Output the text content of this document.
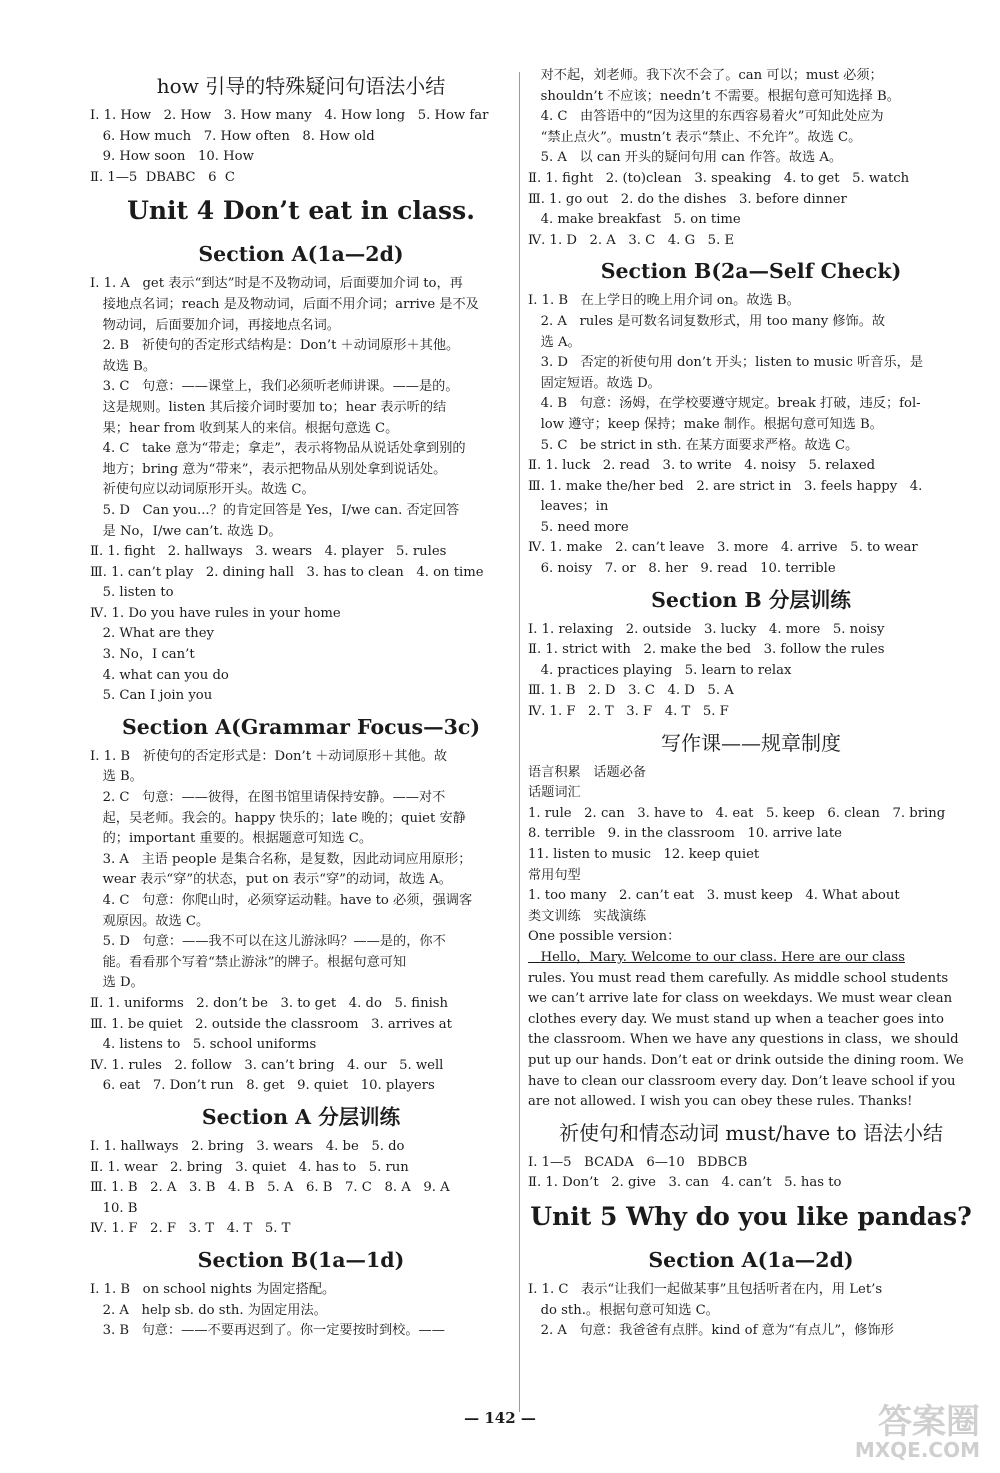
how 引导的特殊疑问句语法小结
Ⅰ. 1. How   2. How   3. How many   4. How long   5. How far
6. How much   7. How often   8. How old
9. How soon   10. How
Ⅱ. 1—5  DBABC   6  C
Unit 4 Don’t eat in class.
Section A(1a—2d)
Ⅰ. 1. A   get 表示“到达”时是不及物动词，后面要加介词 to，再
接地点名词；reach 是及物动词，后面不用介词；arrive 是不及
物动词，后面要加介词，再接地点名词。
2. B   祈使句的否定形式结构是：Don’t ＋动词原形＋其他。
故选 B。
3. C   句意：——课堂上，我们必须听老师讲课。——是的。
这是规则。listen 其后接介词时要加 to；hear 表示听的结
果；hear from 收到某人的来信。根据句意选 C。
4. C   take 意为“带走；拿走”，表示将物品从说话处拿到别的
地方；bring 意为“带来”，表示把物品从别处拿到说话处。
祈使句应以动词原形开头。故选 C。
5. D   Can you...？的肯定回答是 Yes，I/we can. 否定回答
是 No，I/we can’t. 故选 D。
Ⅱ. 1. fight   2. hallways   3. wears   4. player   5. rules
Ⅲ. 1. can’t play   2. dining hall   3. has to clean   4. on time
5. listen to
Ⅳ. 1. Do you have rules in your home
2. What are they
3. No，I can’t
4. what can you do
5. Can I join you
Section A(Grammar Focus—3c)
Ⅰ. 1. B   祈使句的否定形式是：Don’t ＋动词原形＋其他。故
选 B。
2. C   句意：——彼得，在图书馆里请保持安静。——对不
起，吴老师。我会的。happy 快乐的；late 晚的；quiet 安静
的；important 重要的。根据题意可知选 C。
3. A   主语 people 是集合名称，是复数，因此动词应用原形；
wear 表示“穿”的状态，put on 表示“穿”的动词，故选 A。
4. C   句意：你爬山时，必须穿运动鞋。have to 必须，强调客
观原因。故选 C。
5. D   句意：——我不可以在这儿游泳吗？——是的，你不
能。看看那个写着“禁止游泳”的牌子。根据句意可知
选 D。
Ⅱ. 1. uniforms   2. don’t be   3. to get   4. do   5. finish
Ⅲ. 1. be quiet   2. outside the classroom   3. arrives at
4. listens to   5. school uniforms
Ⅳ. 1. rules   2. follow   3. can’t bring   4. our   5. well
6. eat   7. Don’t run   8. get   9. quiet   10. players
Section A 分层训练
Ⅰ. 1. hallways   2. bring   3. wears   4. be   5. do
Ⅱ. 1. wear   2. bring   3. quiet   4. has to   5. run
Ⅲ. 1. B   2. A   3. B   4. B   5. A   6. B   7. C   8. A   9. A
10. B
Ⅳ. 1. F   2. F   3. T   4. T   5. T
Section B(1a—1d)
Ⅰ. 1. B   on school nights 为固定搭配。
2. A   help sb. do sth. 为固定用法。
3. B   句意：——不要再迟到了。你一定要按时到校。——
对不起，刘老师。我下次不会了。can 可以；must 必须；
shouldn’t 不应该；needn’t 不需要。根据句意可知选择 B。
4. C   由答语中的“因为这里的东西容易着火”可知此处应为
“禁止点火”。mustn’t 表示“禁止、不允许”。故选 C。
5. A   以 can 开头的疑问句用 can 作答。故选 A。
Ⅱ. 1. fight   2. (to)clean   3. speaking   4. to get   5. watch
Ⅲ. 1. go out   2. do the dishes   3. before dinner
4. make breakfast   5. on time
Ⅳ. 1. D   2. A   3. C   4. G   5. E
Section B(2a—Self Check)
Ⅰ. 1. B   在上学日的晚上用介词 on。故选 B。
2. A   rules 是可数名词复数形式，用 too many 修饰。故
选 A。
3. D   否定的祈使句用 don’t 开头；listen to music 听音乐，是
固定短语。故选 D。
4. B   句意：汤姆，在学校要遵守规定。break 打破，违反；fol-
low 遵守；keep 保持；make 制作。根据句意可知选 B。
5. C   be strict in sth. 在某方面要求严格。故选 C。
Ⅱ. 1. luck   2. read   3. to write   4. noisy   5. relaxed
Ⅲ. 1. make the/her bed   2. are strict in   3. feels happy   4.
leaves；in
5. need more
Ⅳ. 1. make   2. can’t leave   3. more   4. arrive   5. to wear
6. noisy   7. or   8. her   9. read   10. terrible
Section B 分层训练
Ⅰ. 1. relaxing   2. outside   3. lucky   4. more   5. noisy
Ⅱ. 1. strict with   2. make the bed   3. follow the rules
4. practices playing   5. learn to relax
Ⅲ. 1. B   2. D   3. C   4. D   5. A
Ⅳ. 1. F   2. T   3. F   4. T   5. F
写作课——规章制度
语言积累   话题必备
话题词汇
1. rule   2. can   3. have to   4. eat   5. keep   6. clean   7. bring
8. terrible   9. in the classroom   10. arrive late
11. listen to music   12. keep quiet
常用句型
1. too many   2. can’t eat   3. must keep   4. What about
类文训练   实战演练
One possible version：
Hello，Mary. Welcome to our class. Here are our class
rules. You must read them carefully. As middle school students
we can’t arrive late for class on weekdays. We must wear clean
clothes every day. We must stand up when a teacher goes into
the classroom. When we have any questions in class，we should
put up our hands. Don’t eat or drink outside the dining room. We
have to clean our classroom every day. Don’t leave school if you
are not allowed. I wish you can obey these rules. Thanks!
祈使句和情态动词 must/have to 语法小结
Ⅰ. 1—5   BCADA   6—10   BDBCB
Ⅱ. 1. Don’t   2. give   3. can   4. can’t   5. has to
Unit 5 Why do you like pandas?
Section A(1a—2d)
Ⅰ. 1. C   表示“让我们一起做某事”且包括听者在内，用 Let’s
do sth.。根据句意可知选 C。
2. A   句意：我爸爸有点胖。kind of 意为“有点儿”，修饰形
— 142 —	答案圈
MXQE.COM
